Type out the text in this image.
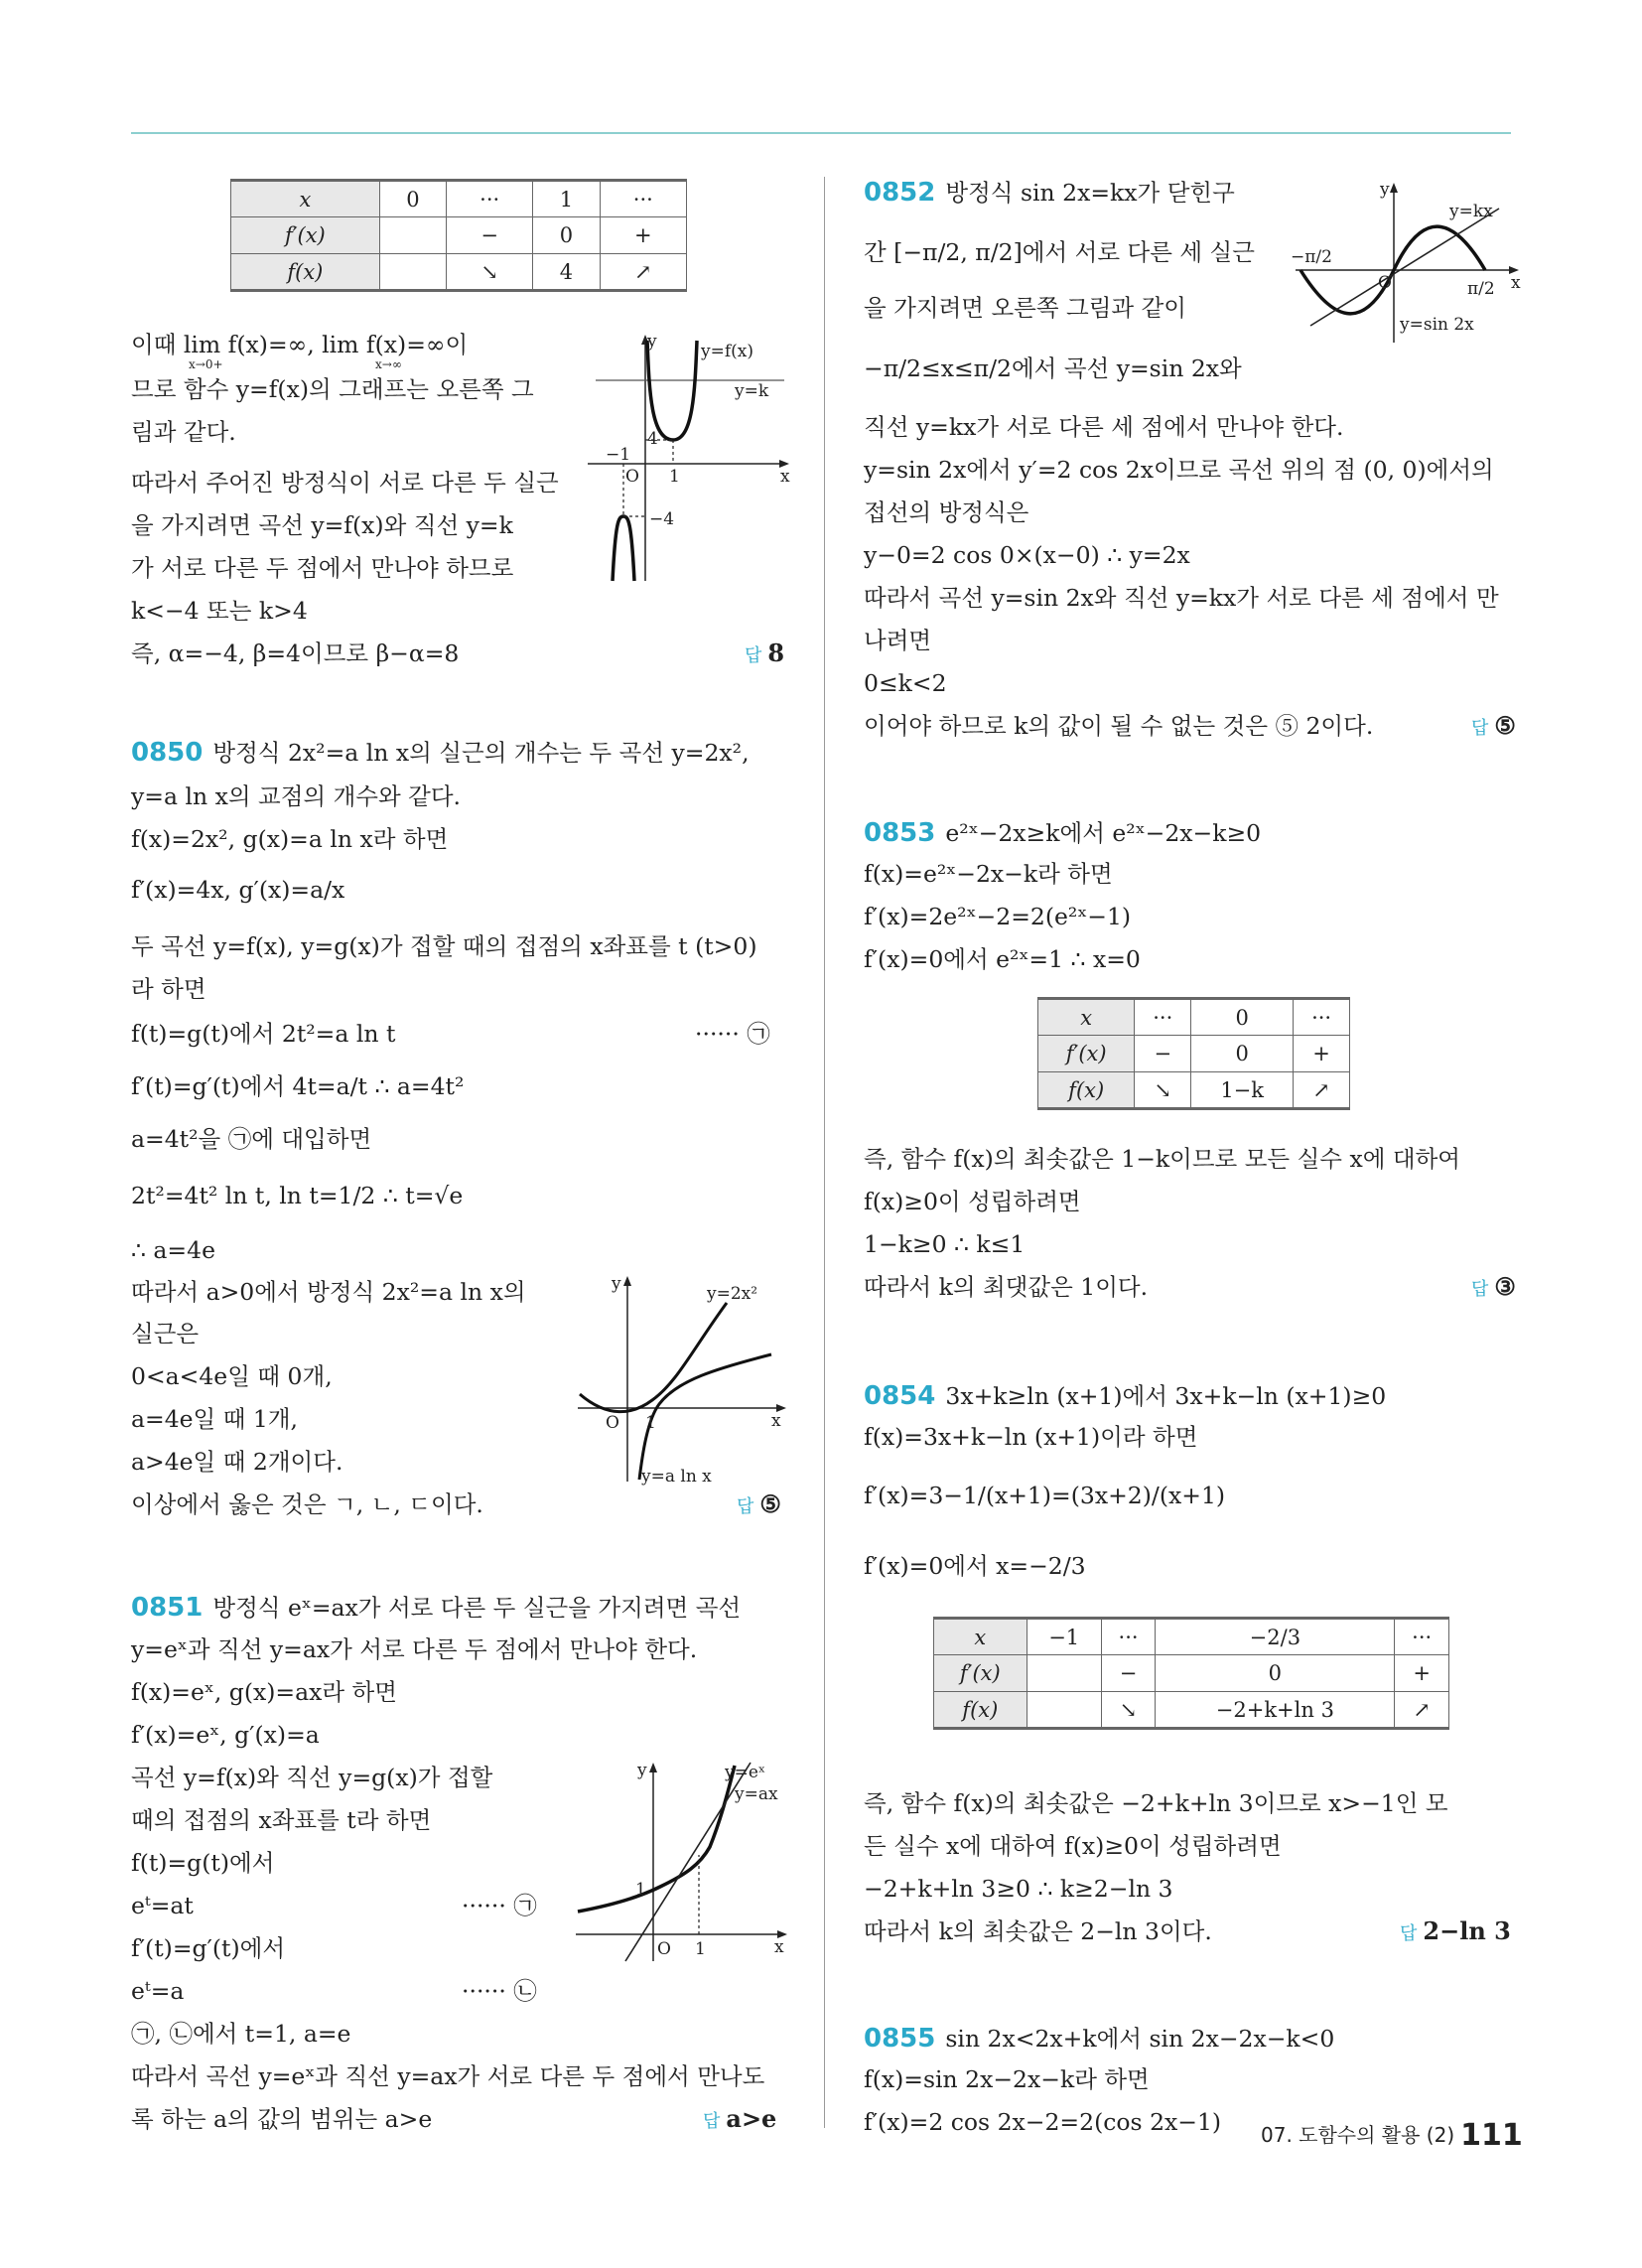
x	0	···	1	···
f′(x)		−	0	+
f(x)		↘	4	↗
이때 lim f(x)=∞, lim f(x)=∞이
x→0+	x→∞
므로 함수 y=f(x)의 그래프는 오른쪽 그
림과 같다.
따라서 주어진 방정식이 서로 다른 두 실근
을 가지려면 곡선 y=f(x)와 직선 y=k
가 서로 다른 두 점에서 만나야 하므로
k<−4 또는 k>4
즉, α=−4, β=4이므로 β−α=8	답 8
y
x
O
y=f(x)
y=k
4
−4
−1
1
0850 방정식 2x²=a ln x의 실근의 개수는 두 곡선 y=2x²,
y=a ln x의 교점의 개수와 같다.
f(x)=2x², g(x)=a ln x라 하면
f′(x)=4x, g′(x)=a/x
두 곡선 y=f(x), y=g(x)가 접할 때의 접점의 x좌표를 t (t>0)
라 하면
f(t)=g(t)에서 2t²=a ln t	······ ㉠
f′(t)=g′(t)에서 4t=a/t ∴ a=4t²
a=4t²을 ㉠에 대입하면
2t²=4t² ln t, ln t=1/2 ∴ t=√e
∴ a=4e
따라서 a>0에서 방정식 2x²=a ln x의
실근은
0<a<4e일 때 0개,
a=4e일 때 1개,
a>4e일 때 2개이다.
이상에서 옳은 것은 ㄱ, ㄴ, ㄷ이다.	답 ⑤
y
x
O 1
y=2x²
y=a ln x
0851 방정식 eˣ=ax가 서로 다른 두 실근을 가지려면 곡선
y=eˣ과 직선 y=ax가 서로 다른 두 점에서 만나야 한다.
f(x)=eˣ, g(x)=ax라 하면
f′(x)=eˣ, g′(x)=a
곡선 y=f(x)와 직선 y=g(x)가 접할
때의 접점의 x좌표를 t라 하면
f(t)=g(t)에서
eᵗ=at	······ ㉠
f′(t)=g′(t)에서
eᵗ=a	······ ㉡
㉠, ㉡에서 t=1, a=e
따라서 곡선 y=eˣ과 직선 y=ax가 서로 다른 두 점에서 만나도
록 하는 a의 값의 범위는 a>e	답 a>e
y
x
O 1
1
y=eˣ
y=ax
0852 방정식 sin 2x=kx가 닫힌구
간 [−π/2, π/2]에서 서로 다른 세 실근
을 가지려면 오른쪽 그림과 같이
−π/2≤x≤π/2에서 곡선 y=sin 2x와
직선 y=kx가 서로 다른 세 점에서 만나야 한다.
y=sin 2x에서 y′=2 cos 2x이므로 곡선 위의 점 (0, 0)에서의
접선의 방정식은
y−0=2 cos 0×(x−0) ∴ y=2x
따라서 곡선 y=sin 2x와 직선 y=kx가 서로 다른 세 점에서 만
나려면
0≤k<2
이어야 하므로 k의 값이 될 수 없는 것은 ⑤ 2이다.	답 ⑤
y
x
O
y=kx
y=sin 2x
−π/2
π/2
0853 e²ˣ−2x≥k에서 e²ˣ−2x−k≥0
f(x)=e²ˣ−2x−k라 하면
f′(x)=2e²ˣ−2=2(e²ˣ−1)
f′(x)=0에서 e²ˣ=1 ∴ x=0
x	···	0	···
f′(x)	−	0	+
f(x)	↘	1−k	↗
즉, 함수 f(x)의 최솟값은 1−k이므로 모든 실수 x에 대하여
f(x)≥0이 성립하려면
1−k≥0 ∴ k≤1
따라서 k의 최댓값은 1이다.	답 ③
0854 3x+k≥ln (x+1)에서 3x+k−ln (x+1)≥0
f(x)=3x+k−ln (x+1)이라 하면
f′(x)=3−1/(x+1)=(3x+2)/(x+1)
f′(x)=0에서 x=−2/3
x	−1	···	−2/3	···
f′(x)		−	0	+
f(x)		↘	−2+k+ln 3	↗
즉, 함수 f(x)의 최솟값은 −2+k+ln 3이므로 x>−1인 모
든 실수 x에 대하여 f(x)≥0이 성립하려면
−2+k+ln 3≥0 ∴ k≥2−ln 3
따라서 k의 최솟값은 2−ln 3이다.	답 2−ln 3
0855 sin 2x<2x+k에서 sin 2x−2x−k<0
f(x)=sin 2x−2x−k라 하면
f′(x)=2 cos 2x−2=2(cos 2x−1) 07. 도함수의 활용 (2) 111
